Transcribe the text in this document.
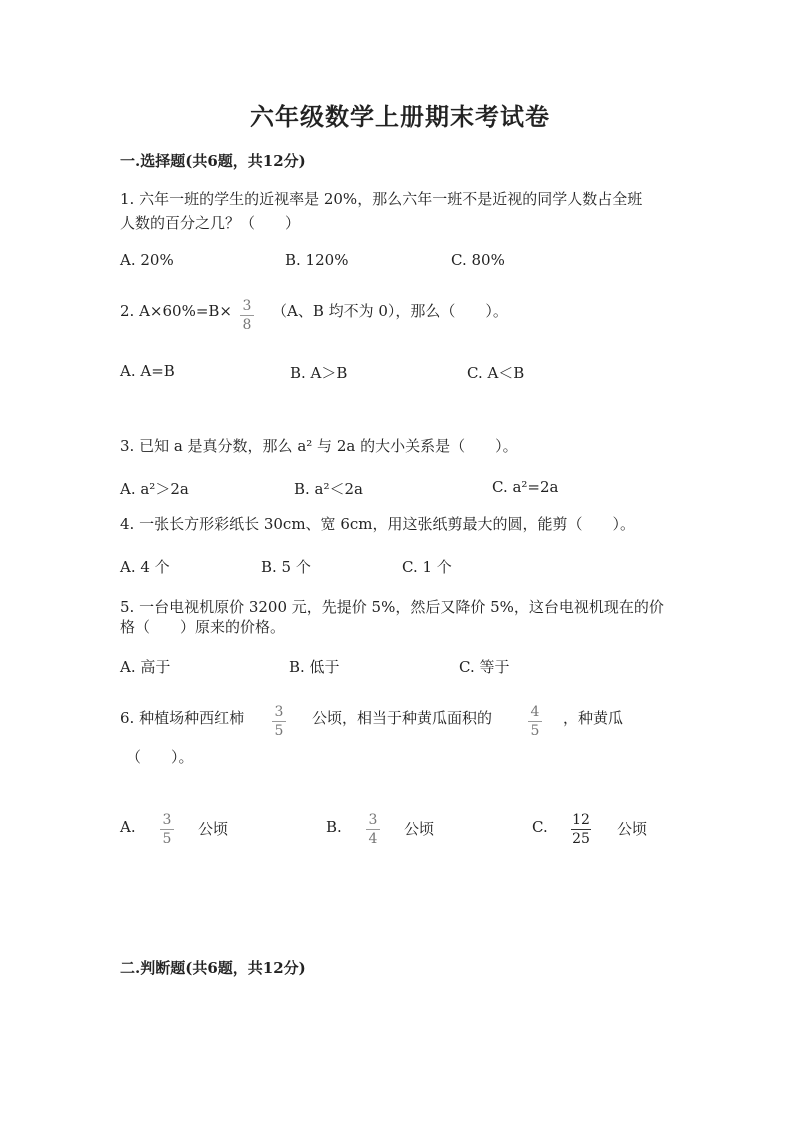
六年级数学上册期末考试卷
一.选择题(共6题，共12分)
1. 六年一班的学生的近视率是 20%，那么六年一班不是近视的同学人数占全班
人数的百分之几？（　　）
A. 20%	B. 120%	C. 80%
2. A×60%=B× 3
8
（A、B 均不为 0），那么（　　）。
A. A=B	B. A＞B	C. A＜B
3. 已知 a 是真分数，那么 a² 与 2a 的大小关系是（　　）。
A. a²＞2a	B. a²＜2a	C. a²=2a
4. 一张长方形彩纸长 30cm、宽 6cm，用这张纸剪最大的圆，能剪（　　）。
A. 4 个	B. 5 个	C. 1 个
5. 一台电视机原价 3200 元，先提价 5%，然后又降价 5%，这台电视机现在的价
格（　　）原来的价格。
A. 高于	B. 低于	C. 等于
6. 种植场种西红柿 3
5
公顷，相当于种黄瓜面积的	4
5
，种黄瓜
（　　）。
A. 3
5
公顷	B. 3
4
公顷	C. 12
25
公顷
二.判断题(共6题，共12分)
